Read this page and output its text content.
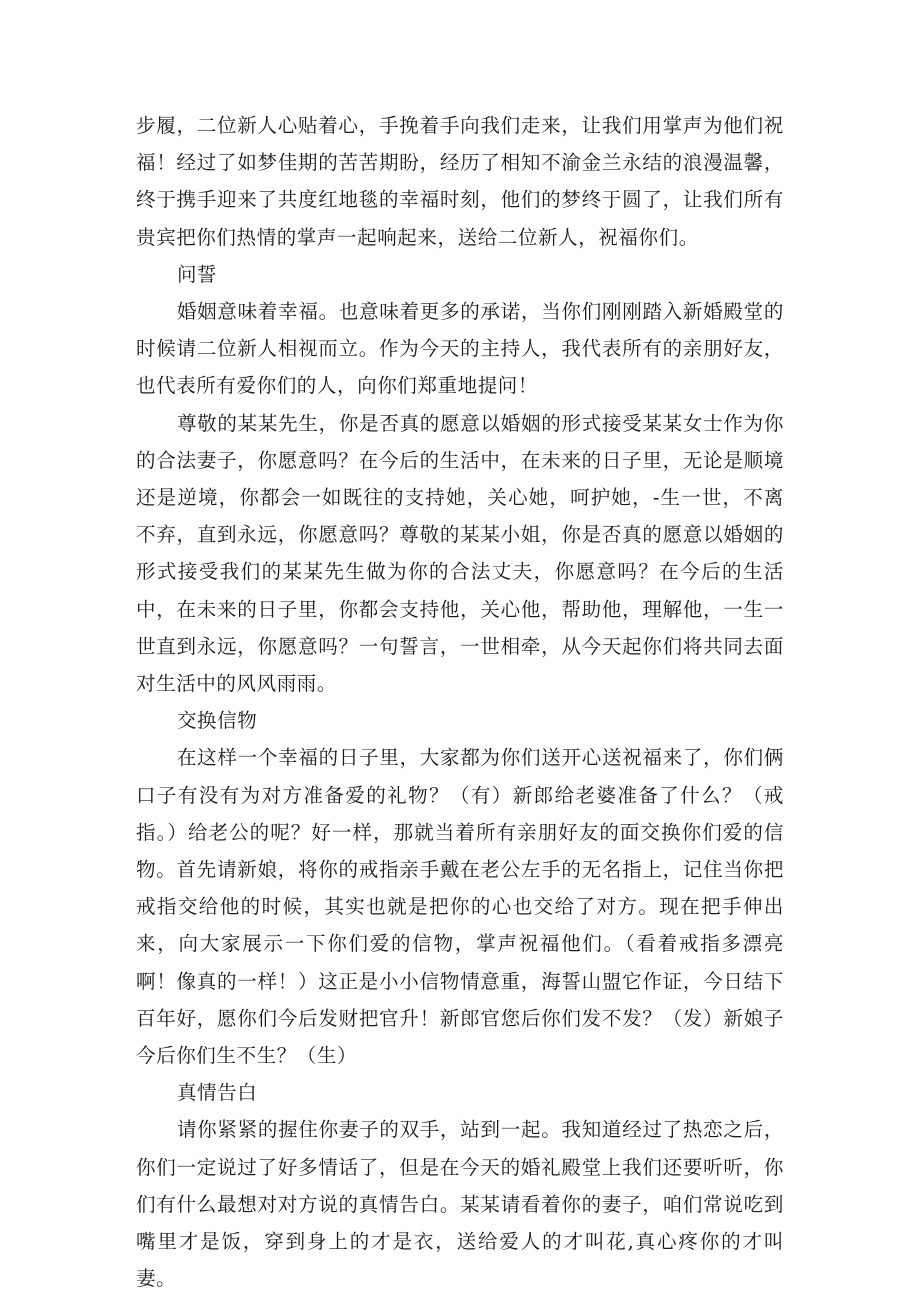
步履，二位新人心贴着心，手挽着手向我们走来，让我们用掌声为他们祝福！经过了如梦佳期的苦苦期盼，经历了相知不渝金兰永结的浪漫温馨，终于携手迎来了共度红地毯的幸福时刻，他们的梦终于圆了，让我们所有贵宾把你们热情的掌声一起响起来，送给二位新人，祝福你们。

问誓

婚姻意味着幸福。也意味着更多的承诺，当你们刚刚踏入新婚殿堂的时候请二位新人相视而立。作为今天的主持人，我代表所有的亲朋好友，也代表所有爱你们的人，向你们郑重地提问！

尊敬的某某先生，你是否真的愿意以婚姻的形式接受某某女士作为你的合法妻子，你愿意吗？在今后的生活中，在未来的日子里，无论是顺境还是逆境，你都会一如既往的支持她，关心她，呵护她，-生一世，不离不弃，直到永远，你愿意吗？尊敬的某某小姐，你是否真的愿意以婚姻的形式接受我们的某某先生做为你的合法丈夫，你愿意吗？在今后的生活中，在未来的日子里，你都会支持他，关心他，帮助他，理解他，一生一世直到永远，你愿意吗？一句誓言，一世相牵，从今天起你们将共同去面对生活中的风风雨雨。

交换信物

在这样一个幸福的日子里，大家都为你们送开心送祝福来了，你们俩口子有没有为对方准备爱的礼物？（有）新郎给老婆准备了什么？（戒指。）给老公的呢？好一样，那就当着所有亲朋好友的面交换你们爱的信物。首先请新娘，将你的戒指亲手戴在老公左手的无名指上，记住当你把戒指交给他的时候，其实也就是把你的心也交给了对方。现在把手伸出来，向大家展示一下你们爱的信物，掌声祝福他们。（看着戒指多漂亮啊！像真的一样！）这正是小小信物情意重，海誓山盟它作证，今日结下百年好，愿你们今后发财把官升！新郎官您后你们发不发？（发）新娘子今后你们生不生？（生）

真情告白

请你紧紧的握住你妻子的双手，站到一起。我知道经过了热恋之后，你们一定说过了好多情话了，但是在今天的婚礼殿堂上我们还要听听，你们有什么最想对对方说的真情告白。某某请看着你的妻子，咱们常说吃到嘴里才是饭，穿到身上的才是衣，送给爱人的才叫花,真心疼你的才叫妻。
